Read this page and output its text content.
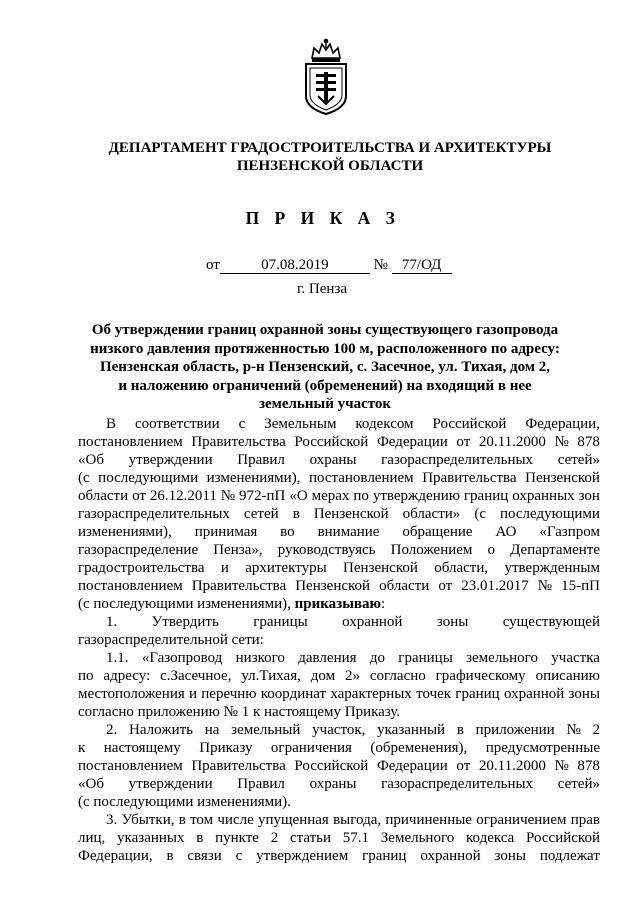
ДЕПАРТАМЕНТ ГРАДОСТРОИТЕЛЬСТВА И АРХИТЕКТУРЫ
ПЕНЗЕНСКОЙ ОБЛАСТИ
П Р И К А З
от	07.08.2019	№ 77/ОД
г. Пенза
Об утверждении границ охранной зоны существующего газопровода
низкого давления протяженностью 100 м, расположенного по адресу:
Пензенская область, р-н Пензенский, с. Засечное, ул. Тихая, дом 2,
и наложению ограничений (обременений) на входящий в нее
земельный участок
В соответствии с Земельным кодексом Российской Федерации,
постановлением Правительства Российской Федерации от 20.11.2000 № 878
«Об утверждении Правил охраны газораспределительных сетей»
(с последующими изменениями), постановлением Правительства Пензенской
области от 26.12.2011 № 972-пП «О мерах по утверждению границ охранных зон
газораспределительных сетей в Пензенской области» (с последующими
изменениями), принимая во внимание обращение АО «Газпром
газораспределение Пенза», руководствуясь Положением о Департаменте
градостроительства и архитектуры Пензенской области, утвержденным
постановлением Правительства Пензенской области от 23.01.2017 № 15-пП
(с последующими изменениями), приказываю:
1. Утвердить границы охранной зоны существующей
газораспределительной сети:
1.1. «Газопровод низкого давления до границы земельного участка
по адресу: с.Засечное, ул.Тихая, дом 2» согласно графическому описанию
местоположения и перечню координат характерных точек границ охранной зоны
согласно приложению № 1 к настоящему Приказу.
2. Наложить на земельный участок, указанный в приложении № 2
к настоящему Приказу ограничения (обременения), предусмотренные
постановлением Правительства Российской Федерации от 20.11.2000 № 878
«Об утверждении Правил охраны газораспределительных сетей»
(с последующими изменениями).
3. Убытки, в том числе упущенная выгода, причиненные ограничением прав
лиц, указанных в пункте 2 статьи 57.1 Земельного кодекса Российской
Федерации, в связи с утверждением границ охранной зоны подлежат
